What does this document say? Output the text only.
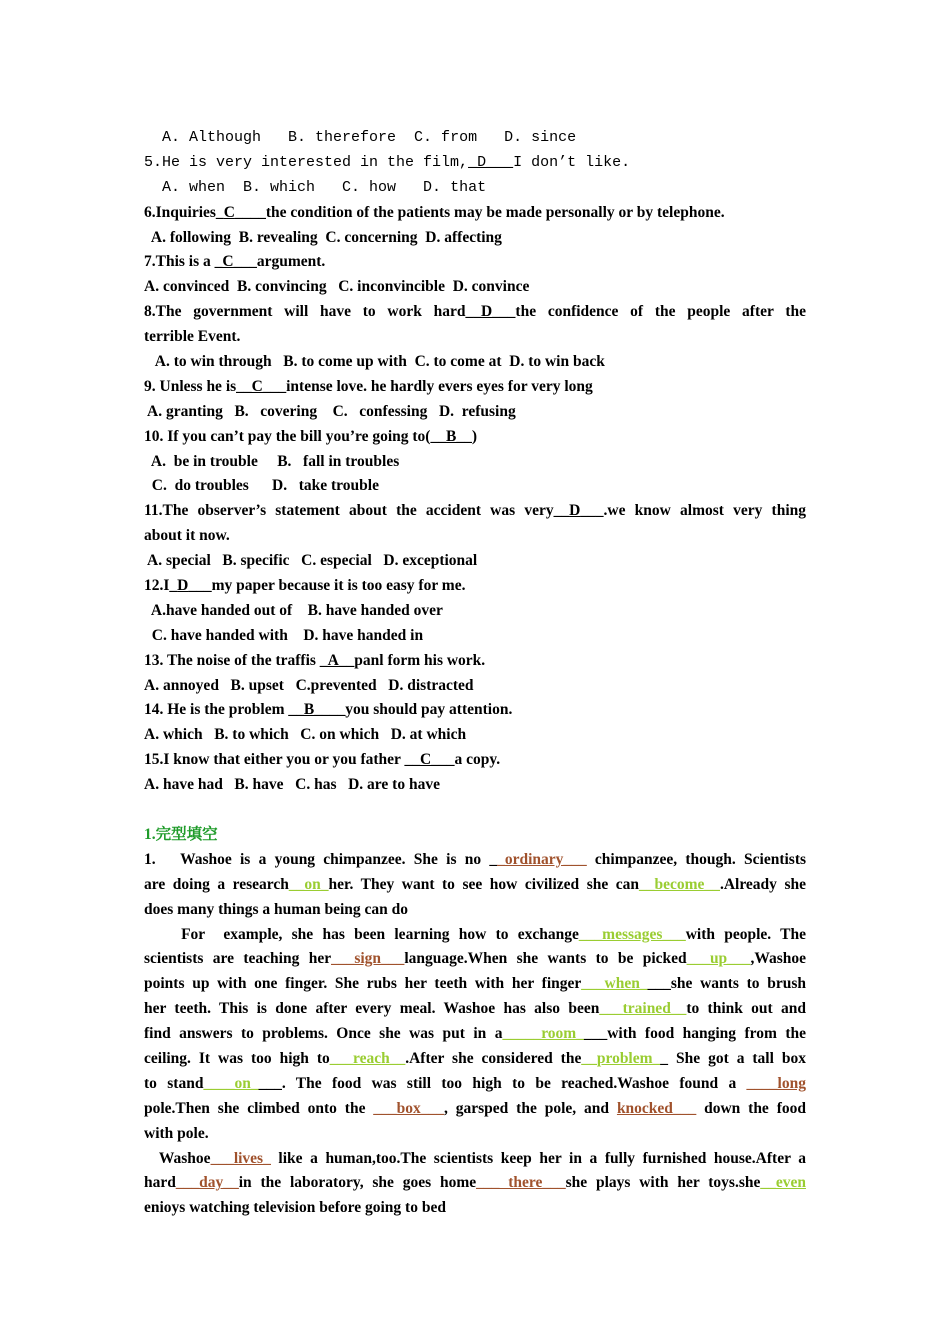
A. Although   B. therefore  C. from   D. since
5.He is very interested in the film,_D___I don’t like.
A. when  B. which   C. how   D. that
6.Inquiries_C____the condition of the patients may be made personally or by telephone.
A. following  B. revealing  C. concerning  D. affecting
7.This is a _C___argument.
A. convinced  B. convincing   C. inconvincible  D. convince
8.The government will have to work hard__D___the confidence of the people after the
terrible Event.
A. to win through   B. to come up with  C. to come at  D. to win back
9. Unless he is__C___intense love. he hardly evers eyes for very long
A. granting   B.   covering    C.   confessing   D.  refusing
10. If you can’t pay the bill you’re going to(__B__)
A.  be in trouble     B.   fall in troubles
C.  do troubles      D.   take trouble
11.The observer’s statement about the accident was very__D___.we know almost very thing
about it now.
A. special   B. specific   C. especial   D. exceptional
12.I_D___my paper because it is too easy for me.
A.have handed out of    B. have handed over
C. have handed with    D. have handed in
13. The noise of the traffis _A__panl form his work.
A. annoyed   B. upset   C.prevented   D. distracted
14. He is the problem __B____you should pay attention.
A. which   B. to which   C. on which   D. at which
15.I know that either you or you father __C___a copy.
A. have had   B. have   C. has   D. are to have
1.完型填空
1.   Washoe is a young chimpanzee. She is no __ordinary___ chimpanzee, though. Scientists
are doing a research__on_her. They want to see how civilized she can__become__.Already she
does many things a human being can do
For  example, she has been learning how to exchange___messages___with people. The
scientists are teaching her___sign___language.When she wants to be picked___up___,Washoe
points up with one finger. She rubs her teeth with her finger___when____she wants to brush
her teeth. This is done after every meal. Washoe has also been___trained__to think out and
find answers to problems. Once she was put in a_____room____with food hanging from the
ceiling. It was too high to___reach__.After she considered the__problem__ She got a tall box
to stand____on____. The food was still too high to be reached.Washoe found a ____long
pole.Then she climbed onto the ___box___, garsped the pole, and knocked___ down the food
with pole.
Washoe___lives_ like a human,too.The scientists keep her in a fully furnished house.After a
hard___day__in the laboratory, she goes home___ there___she plays with her toys.she__even
enioys watching television before going to bed
